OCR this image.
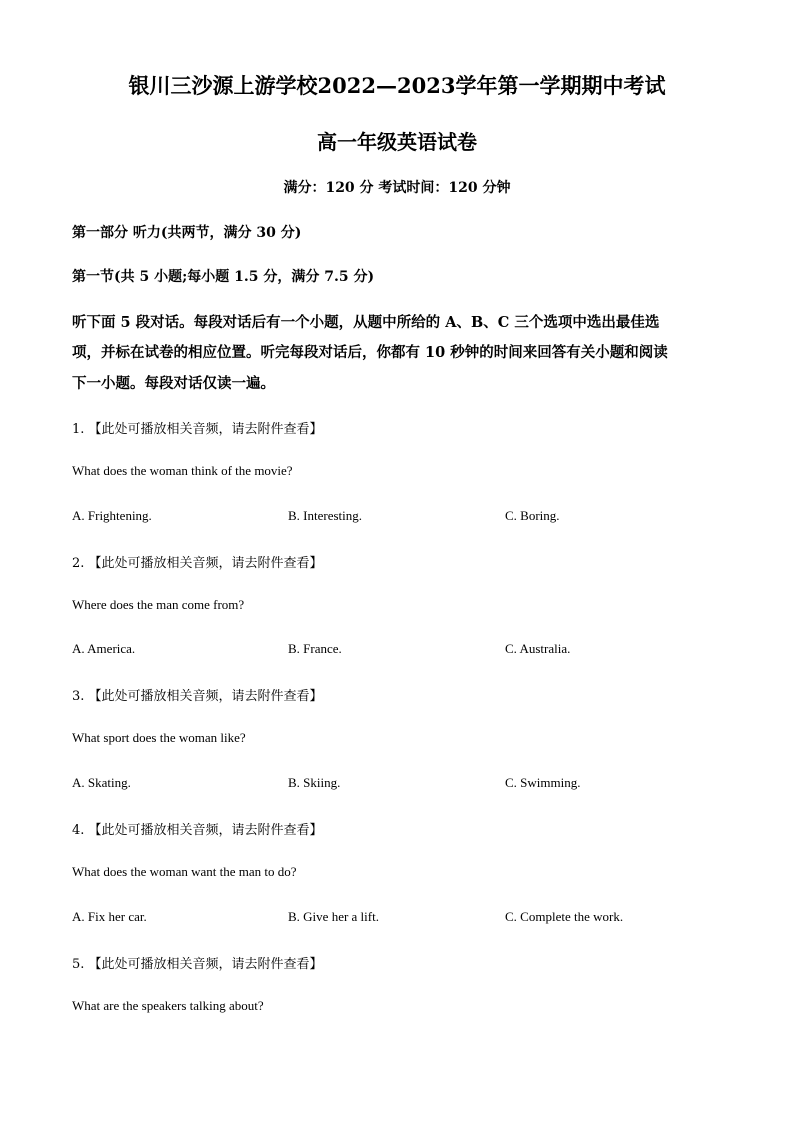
银川三沙源上游学校2022—2023学年第一学期期中考试
高一年级英语试卷
满分：120 分 考试时间：120 分钟
第一部分 听力(共两节，满分 30 分)
第一节(共 5 小题;每小题 1.5 分，满分 7.5 分)
听下面 5 段对话。每段对话后有一个小题，从题中所给的 A、B、C 三个选项中选出最佳选
项，并标在试卷的相应位置。听完每段对话后，你都有 10 秒钟的时间来回答有关小题和阅读
下一小题。每段对话仅读一遍。
1. 【此处可播放相关音频，请去附件查看】
What does the woman think of the movie?
A. Frightening.	B. Interesting.	C. Boring.
2. 【此处可播放相关音频，请去附件查看】
Where does the man come from?
A. America.	B. France.	C. Australia.
3. 【此处可播放相关音频，请去附件查看】
What sport does the woman like?
A. Skating.	B. Skiing.	C. Swimming.
4. 【此处可播放相关音频，请去附件查看】
What does the woman want the man to do?
A. Fix her car.	B. Give her a lift.	C. Complete the work.
5. 【此处可播放相关音频，请去附件查看】
What are the speakers talking about?
